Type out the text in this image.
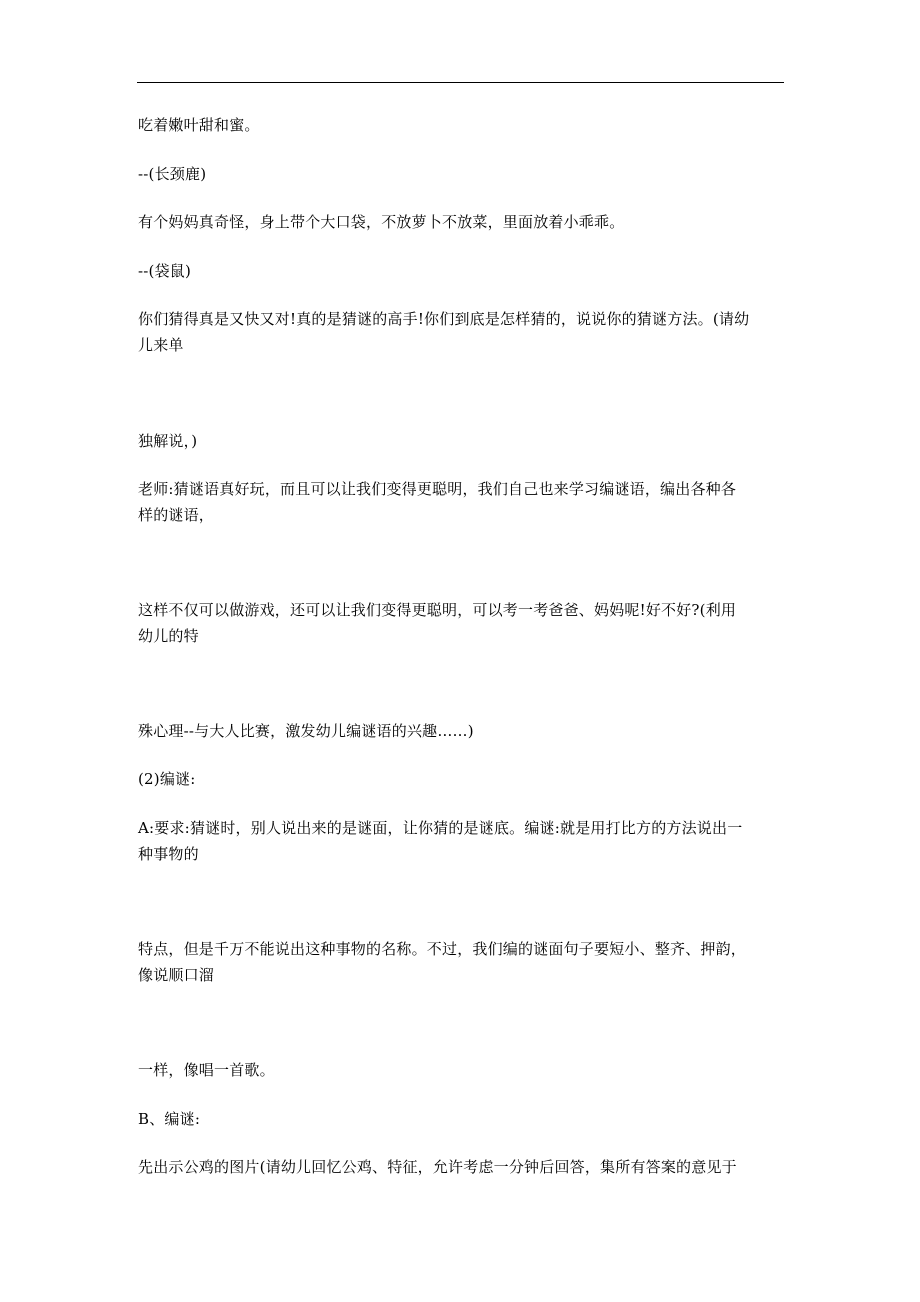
吃着嫩叶甜和蜜。
--(长颈鹿)
有个妈妈真奇怪，身上带个大口袋，不放萝卜不放菜，里面放着小乖乖。
--(袋鼠)
你们猜得真是又快又对!真的是猜谜的高手!你们到底是怎样猜的，说说你的猜谜方法。(请幼
儿来单
独解说，)
老师:猜谜语真好玩，而且可以让我们变得更聪明，我们自己也来学习编谜语，编出各种各
样的谜语，
这样不仅可以做游戏，还可以让我们变得更聪明，可以考一考爸爸、妈妈呢!好不好?(利用
幼儿的特
殊心理--与大人比赛，激发幼儿编谜语的兴趣……)
(2)编谜:
A:要求:猜谜时，别人说出来的是谜面，让你猜的是谜底。编谜:就是用打比方的方法说出一
种事物的
特点，但是千万不能说出这种事物的名称。不过，我们编的谜面句子要短小、整齐、押韵，
像说顺口溜
一样，像唱一首歌。
B、编谜:
先出示公鸡的图片(请幼儿回忆公鸡、特征，允许考虑一分钟后回答，集所有答案的意见于
